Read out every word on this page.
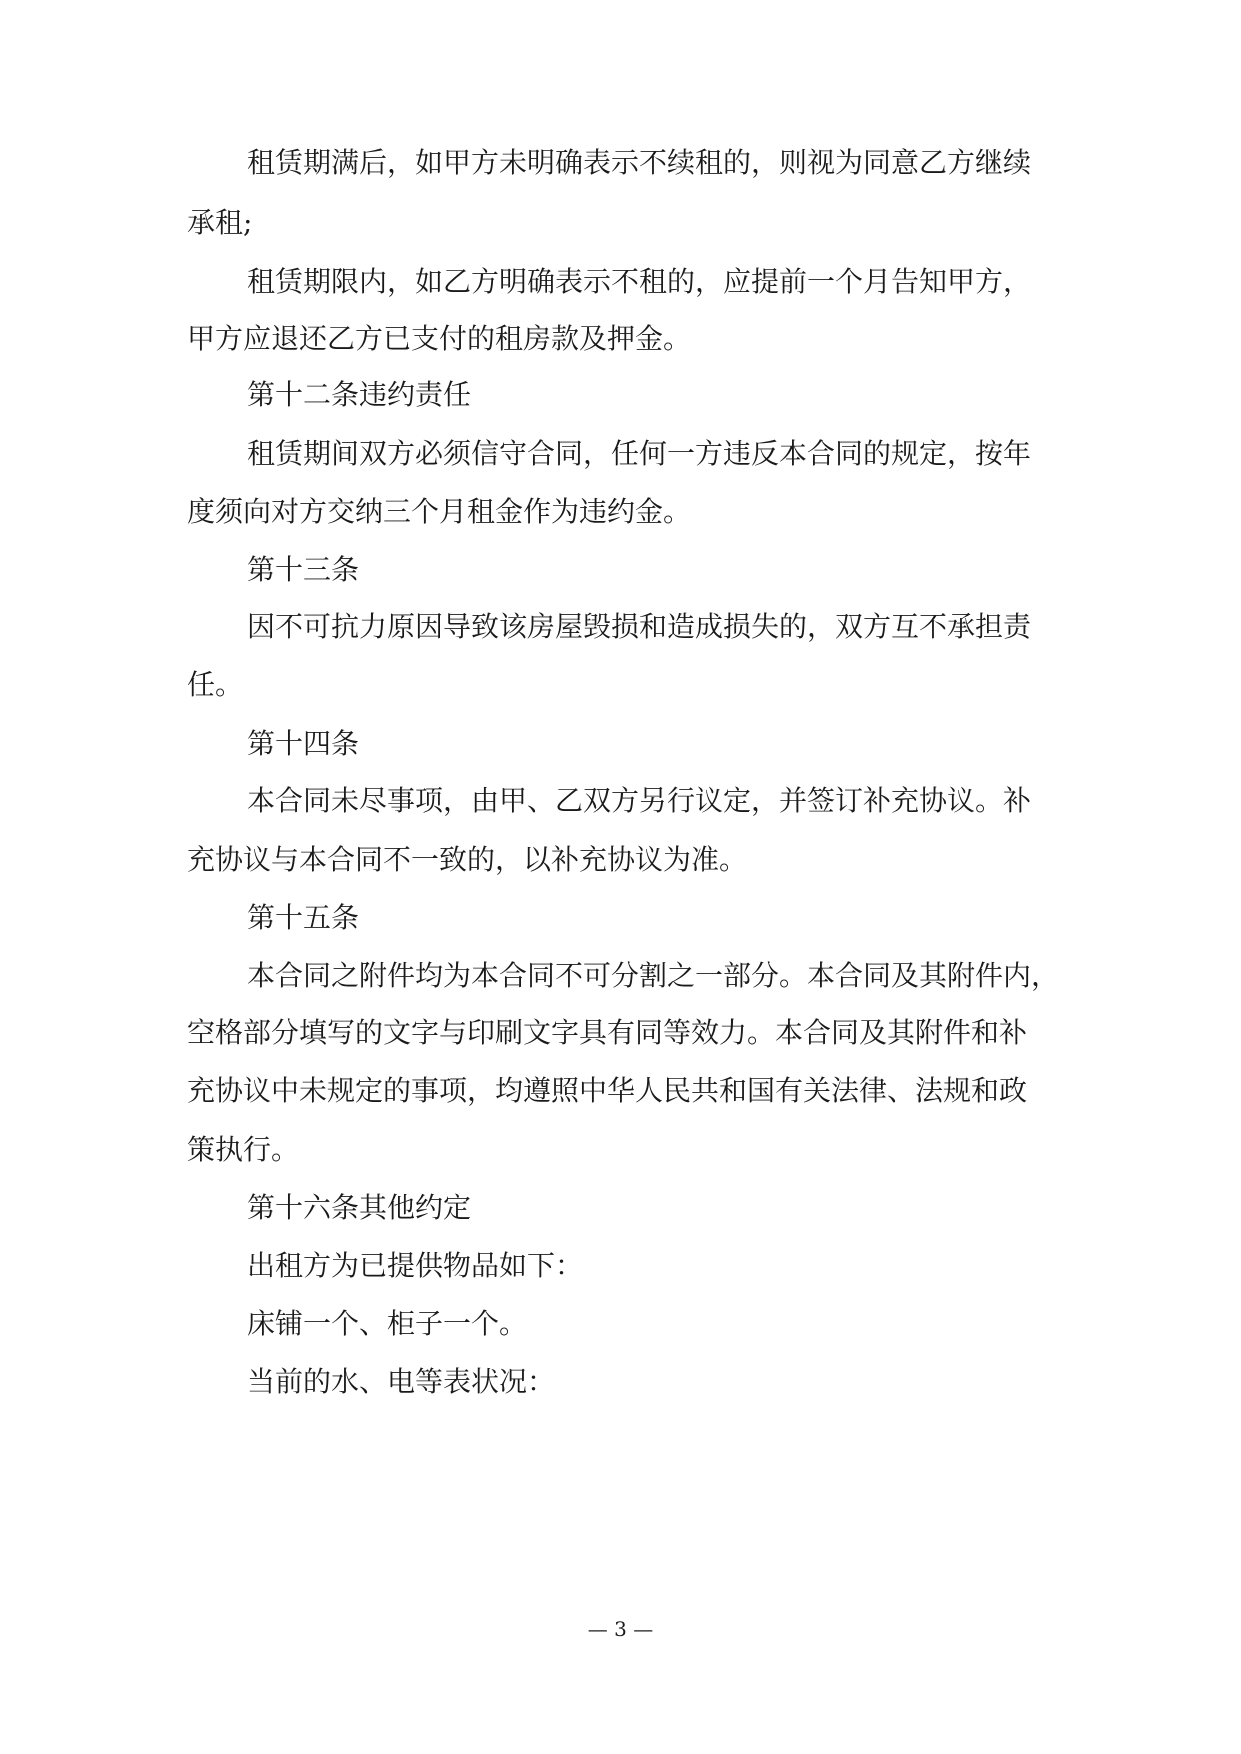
租赁期满后，如甲方未明确表示不续租的，则视为同意乙方继续
承租;
租赁期限内，如乙方明确表示不租的，应提前一个月告知甲方，
甲方应退还乙方已支付的租房款及押金。
第十二条违约责任
租赁期间双方必须信守合同，任何一方违反本合同的规定，按年
度须向对方交纳三个月租金作为违约金。
第十三条
因不可抗力原因导致该房屋毁损和造成损失的，双方互不承担责
任。
第十四条
本合同未尽事项，由甲、乙双方另行议定，并签订补充协议。补
充协议与本合同不一致的，以补充协议为准。
第十五条
本合同之附件均为本合同不可分割之一部分。本合同及其附件内，
空格部分填写的文字与印刷文字具有同等效力。本合同及其附件和补
充协议中未规定的事项，均遵照中华人民共和国有关法律、法规和政
策执行。
第十六条其他约定
出租方为已提供物品如下：
床铺一个、柜子一个。
当前的水、电等表状况：
— 3 —
